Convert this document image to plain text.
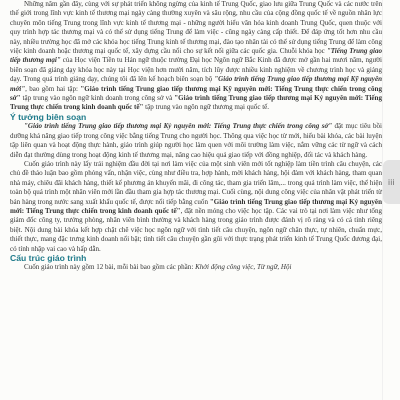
Những năm gần đây, cùng với sự phát triển không ngừng của kinh tế Trung Quốc, giao lưu giữa Trung Quốc và các nước trên thế giới trong lĩnh vực kinh tế thương mại ngày càng thường xuyên và sâu rộng, nhu cầu của cộng đồng quốc tế về nguồn nhân lực chuyên môn tiếng Trung trong lĩnh vực kinh tế thương mại - những người hiểu văn hóa kinh doanh Trung Quốc, quen thuộc với quy trình hợp tác thương mại và có thể sử dụng tiếng Trung để làm việc - cũng ngày càng cấp thiết. Để đáp ứng tốt hơn nhu cầu này, nhiều trường học đã mở các khóa học tiếng Trung kinh tế thương mại, đào tạo nhân tài có thể sử dụng tiếng Trung để làm công việc kinh doanh hoặc thương mại quốc tế, xây dựng cầu nối cho sự kết nối giữa các quốc gia. Chuỗi khóa học "Tiếng Trung giao tiếp thương mại" của Học viện Tiền tu Hán ngữ thuộc trường Đại học Ngôn ngữ Bắc Kinh đã được mở gần hai mươi năm, người biên soạn đã giảng dạy khóa học này tại Học viện hơn mười năm, tích lũy được nhiều kinh nghiệm về chương trình học và giảng dạy. Trong quá trình giảng dạy, chúng tôi đã lên kế hoạch biên soạn bộ "Giáo trình tiếng Trung giao tiếp thương mại Kỹ nguyên mới", bao gồm hai tập: "Giáo trình tiếng Trung giao tiếp thương mại Kỹ nguyên mới: Tiếng Trung thực chiến trong công sở" tập trung vào ngôn ngữ kinh doanh trong công sở và "Giáo trình tiếng Trung giao tiếp thương mại Kỷ nguyên mới: Tiếng Trung thực chiến trong kinh doanh quốc tế" tập trung vào ngôn ngữ thương mại quốc tế.

Ý tưởng biên soạn

"Giáo trình tiếng Trung giao tiếp thương mại Kỷ nguyên mới: Tiếng Trung thực chiến trong công sở" đặt mục tiêu bồi dưỡng khả năng giao tiếp trong công việc bằng tiếng Trung cho người học. Thông qua việc học từ mới, hiểu bài khóa, các bài luyện tập liên quan và hoạt động thực hành, giáo trình giúp người học làm quen với môi trường làm việc, nắm vững các từ ngữ và cách diễn đạt thường dùng trong hoạt động kinh tế thương mại, nâng cao hiệu quả giao tiếp với đồng nghiệp, đối tác và khách hàng.

Cuốn giáo trình này lấy trải nghiệm đầu đời tại nơi làm việc của một sinh viên mới tốt nghiệp làm tiền trình câu chuyện, các chủ đề thảo luận bao gồm phỏng vấn, nhận việc, cùng như điều tra, hợp hành, mời khách hàng, hội đàm với khách hàng, tham quan nhà máy, chiêu đãi khách hàng, thiết kế phương án khuyến mãi, đi công tác, tham gia triển lãm,... trong quá trình làm việc, thể hiện toàn bộ quá trình một nhân viên mới lần đầu tham gia hợp tác thương mại. Cuối cùng, nội dung công việc của nhân vật phát triển từ bản hàng trong nước sang xuất khẩu quốc tế, được nối tiếp bằng cuốn "Giáo trình tiếng Trung giao tiếp thương mại Kỷ nguyên mới: Tiếng Trung thực chiến trong kinh doanh quốc tế", đặt nền móng cho việc học tập. Các vai trò tại nơi làm việc như tổng giám đốc công ty, trưởng phòng, nhân viên bình thường và khách hàng trong giáo trình được đánh vị rõ ràng và có cá tính riêng biệt. Nội dung bài khóa kết hợp chặt chẽ việc học ngôn ngữ với tình tiết câu chuyện, ngôn ngữ chân thực, tự nhiên, chuẩn mực, thiết thực, mang đặc trưng kinh doanh nổi bật; tình tiết câu chuyện gần gũi với thực trạng phát triển kinh tế Trung Quốc đương đại, có tính nhập vai cao và hấp dẫn.

Cấu trúc giáo trình

Cuốn giáo trình này gồm 12 bài, mỗi bài bao gồm các phần: Khởi động công việc, Từ ngữ, Hội

iii
